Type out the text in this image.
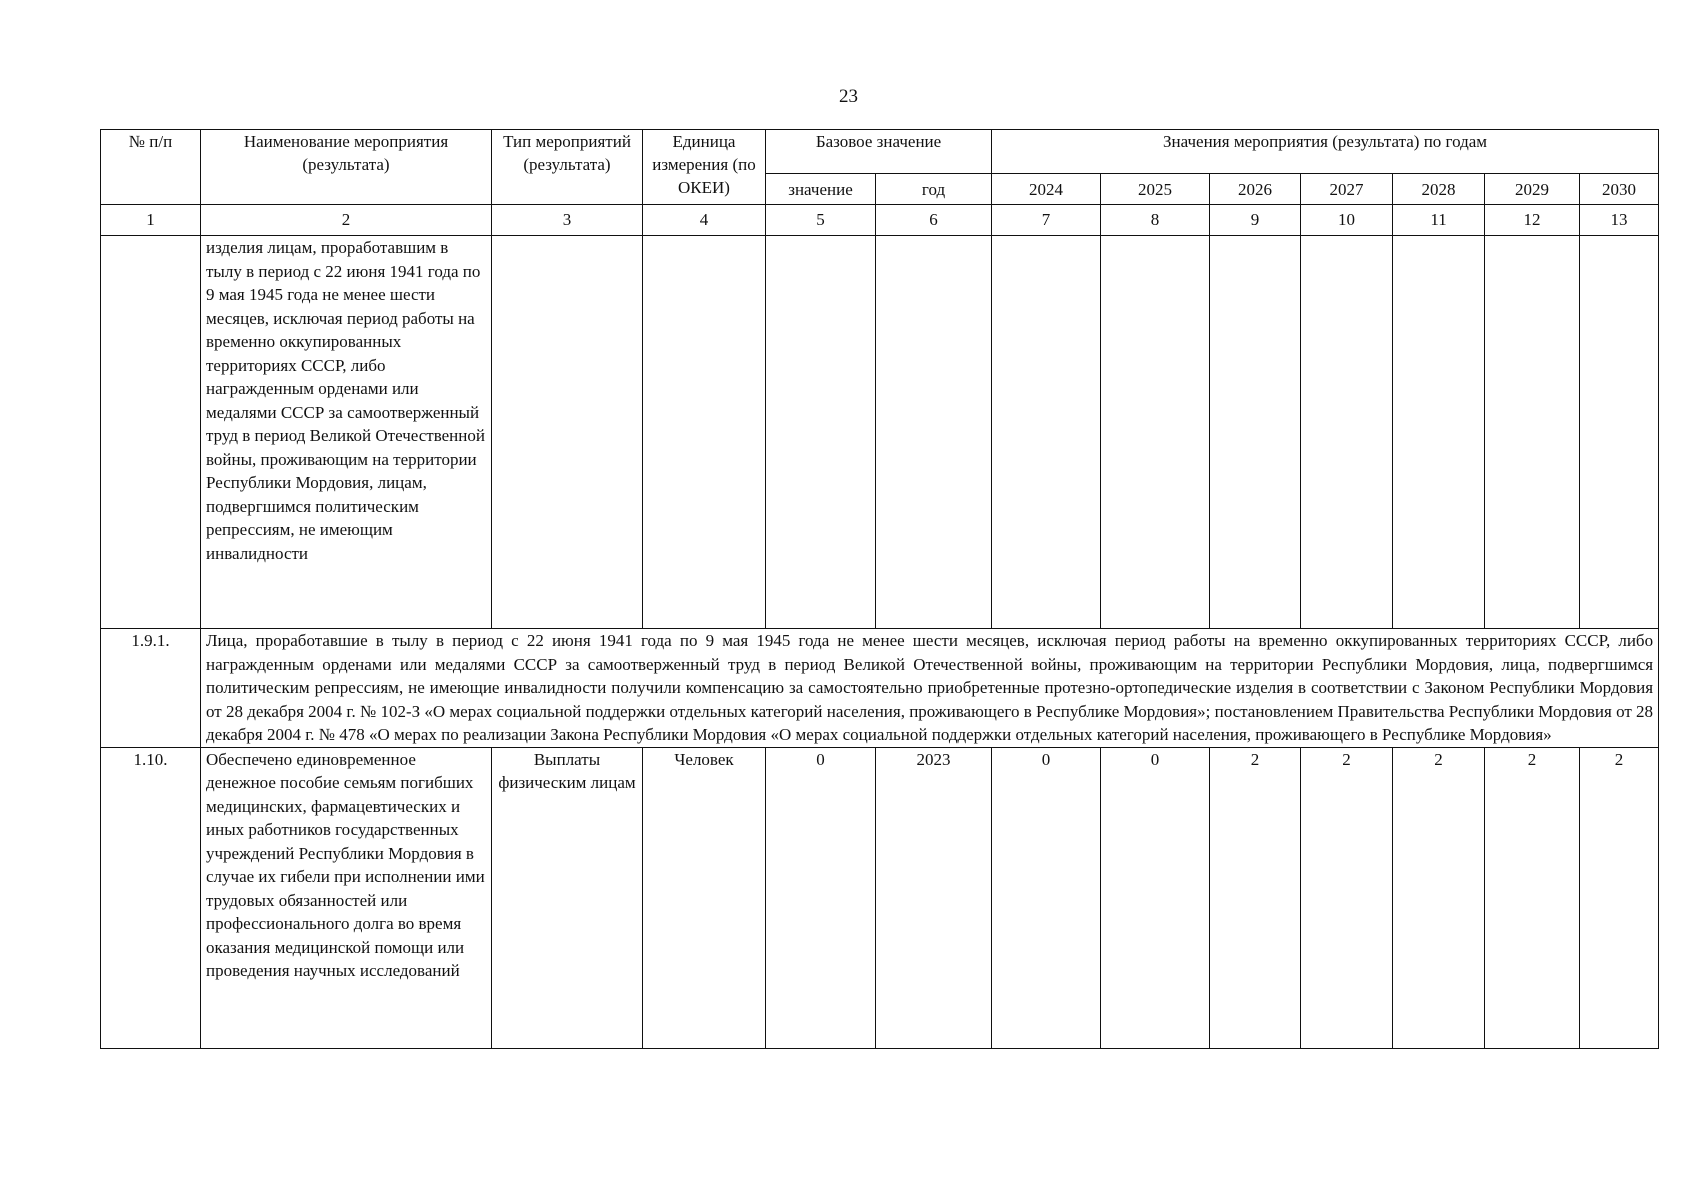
23
№ п/п	Наименование мероприятия (результата)	Тип мероприятий (результата)	Единица измерения (по ОКЕИ)	Базовое значение		Значения мероприятия (результата) по годам						
				значение	год	2024	2025	2026	2027	2028	2029	2030
1	2	3	4	5	6	7	8	9	10	11	12	13
	изделия лицам, проработавшим в тылу в период с 22 июня 1941 года по 9 мая 1945 года не менее шести месяцев, исключая период работы на временно оккупированных территориях СССР, либо награжденным орденами или медалями СССР за самоотверженный труд в период Великой Отечественной войны, проживающим на территории Республики Мордовия, лицам, подвергшимся политическим репрессиям, не имеющим инвалидности											
1.9.1.	Лица, проработавшие в тылу в период с 22 июня 1941 года по 9 мая 1945 года не менее шести месяцев, исключая период работы на временно оккупированных территориях СССР, либо награжденным орденами или медалями СССР за самоотверженный труд в период Великой Отечественной войны, проживающим на территории Республики Мордовия, лица, подвергшимся политическим репрессиям, не имеющие инвалидности получили компенсацию за самостоятельно приобретенные протезно-ортопедические изделия в соответствии с Законом Республики Мордовия от 28 декабря 2004 г. № 102-З «О мерах социальной поддержки отдельных категорий населения, проживающего в Республике Мордовия»; постановлением Правительства Республики Мордовия от 28 декабря 2004 г. № 478 «О мерах по реализации Закона Республики Мордовия «О мерах социальной поддержки отдельных категорий населения, проживающего в Республике Мордовия»											
1.10.	Обеспечено единовременное денежное пособие семьям погибших медицинских, фармацевтических и иных работников государственных учреждений Республики Мордовия в случае их гибели при исполнении ими трудовых обязанностей или профессионального долга во время оказания медицинской помощи или проведения научных исследований	Выплаты физическим лицам	Человек	0	2023	0	0	2	2	2	2	2
